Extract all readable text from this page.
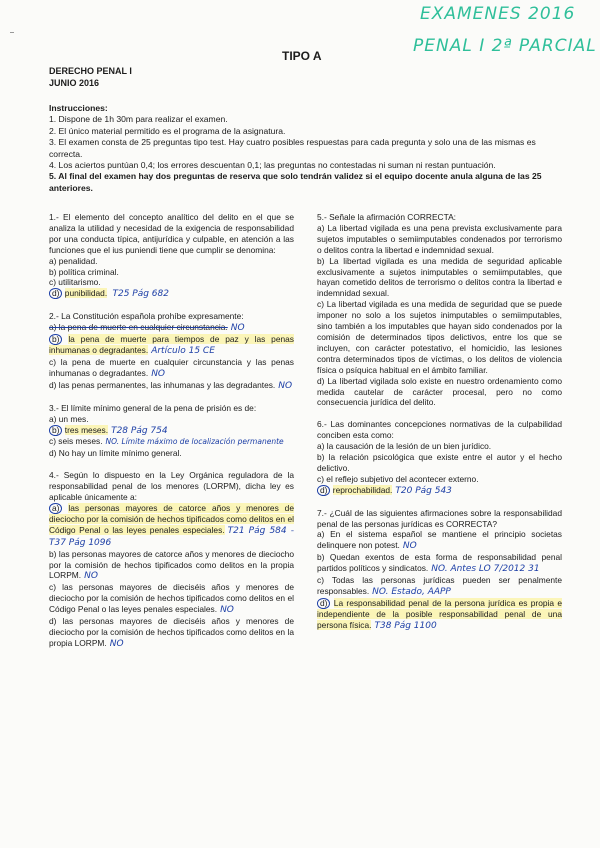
EXAMENES 2016
PENAL I 2ª PARCIAL
TIPO A
DERECHO PENAL I
JUNIO 2016
Instrucciones:
1. Dispone de 1h 30m para realizar el examen.
2. El único material permitido es el programa de la asignatura.
3. El examen consta de 25 preguntas tipo test. Hay cuatro posibles respuestas para cada pregunta y solo una de las mismas es correcta.
4. Los aciertos puntúan 0,4; los errores descuentan 0,1; las preguntas no contestadas ni suman ni restan puntuación.
5. Al final del examen hay dos preguntas de reserva que solo tendrán validez si el equipo docente anula alguna de las 25 anteriores.

1.- El elemento del concepto analítico del delito en el que se analiza la utilidad y necesidad de la exigencia de responsabilidad por una conducta típica, antijurídica y culpable, en atención a las funciones que el ius puniendi tiene que cumplir se denomina:

a) penalidad.

b) política criminal.

c) utilitarismo.

d) punibilidad. T25 Pág 682

2.- La Constitución española prohíbe expresamente:

a) la pena de muerte en cualquier circunstancia. NO

b) la pena de muerte para tiempos de paz y las penas inhumanas o degradantes. Artículo 15 CE

c) la pena de muerte en cualquier circunstancia y las penas inhumanas o degradantes. NO

d) las penas permanentes, las inhumanas y las degradantes. NO

3.- El límite mínimo general de la pena de prisión es de:

a) un mes.

b) tres meses. T28 Pág 754

c) seis meses. NO. Límite máximo de localización permanente

d) No hay un límite mínimo general.

4.- Según lo dispuesto en la Ley Orgánica reguladora de la responsabilidad penal de los menores (LORPM), dicha ley es aplicable únicamente a:

a) las personas mayores de catorce años y menores de dieciocho por la comisión de hechos tipificados como delitos en el Código Penal o las leyes penales especiales. T21 Pág 584 - T37 Pág 1096

b) las personas mayores de catorce años y menores de dieciocho por la comisión de hechos tipificados como delitos en la propia LORPM. NO

c) las personas mayores de dieciséis años y menores de dieciocho por la comisión de hechos tipificados como delitos en el Código Penal o las leyes penales especiales. NO

d) las personas mayores de dieciséis años y menores de dieciocho por la comisión de hechos tipificados como delitos en la propia LORPM. NO

5.- Señale la afirmación CORRECTA:

a) La libertad vigilada es una pena prevista exclusivamente para sujetos imputables o semiimputables condenados por terrorismo o delitos contra la libertad e indemnidad sexual.

b) La libertad vigilada es una medida de seguridad aplicable exclusivamente a sujetos inimputables o semiimputables, que hayan cometido delitos de terrorismo o delitos contra la libertad e indemnidad sexual.

c) La libertad vigilada es una medida de seguridad que se puede imponer no solo a los sujetos inimputables o semiimputables, sino también a los imputables que hayan sido condenados por la comisión de determinados tipos delictivos, entre los que se incluyen, con carácter potestativo, el homicidio, las lesiones contra determinados tipos de víctimas, o los delitos de violencia física o psíquica habitual en el ámbito familiar.

d) La libertad vigilada solo existe en nuestro ordenamiento como medida cautelar de carácter procesal, pero no como consecuencia jurídica del delito.

6.- Las dominantes concepciones normativas de la culpabilidad conciben esta como:

a) la causación de la lesión de un bien jurídico.

b) la relación psicológica que existe entre el autor y el hecho delictivo.

c) el reflejo subjetivo del acontecer externo.

d) reprochabilidad. T20 Pág 543

7.- ¿Cuál de las siguientes afirmaciones sobre la responsabilidad penal de las personas jurídicas es CORRECTA?

a) En el sistema español se mantiene el principio societas delinquere non potest. NO

b) Quedan exentos de esta forma de responsabilidad penal partidos políticos y sindicatos. NO. Antes LO 7/2012 31

c) Todas las personas jurídicas pueden ser penalmente responsables. NO. Estado, AAPP

d) La responsabilidad penal de la persona jurídica es propia e independiente de la posible responsabilidad penal de una persona física. T38 Pág 1100
